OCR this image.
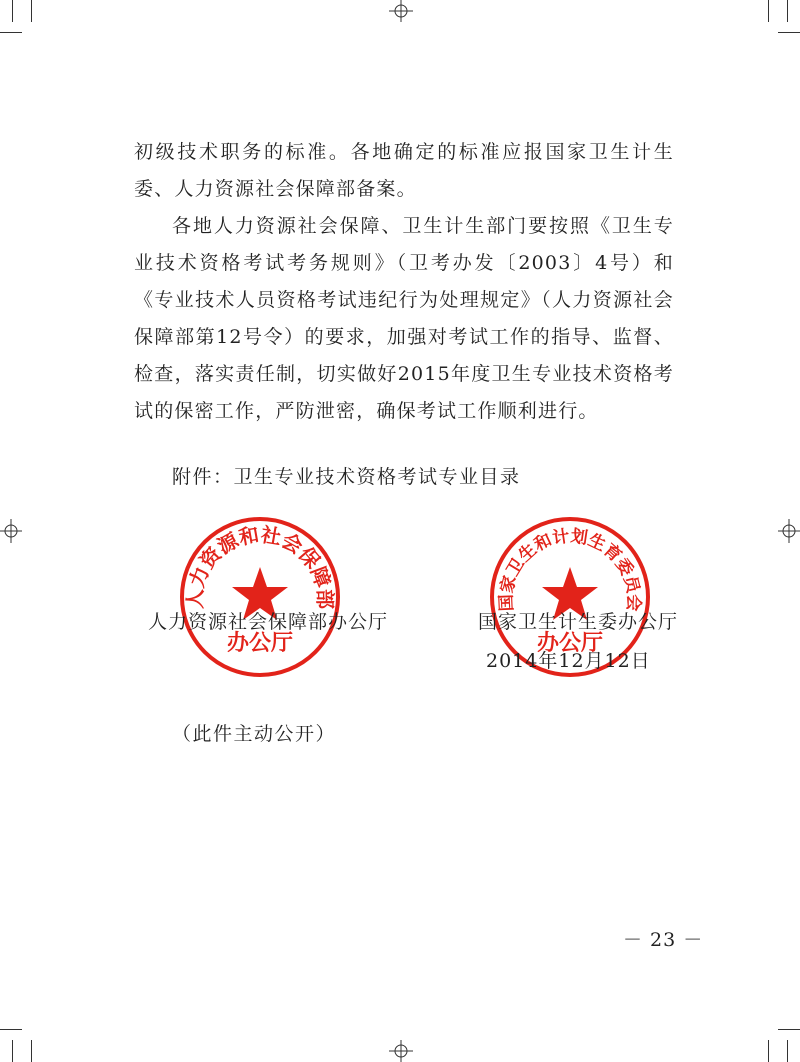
初级技术职务的标准。各地确定的标准应报国家卫生计生委、人力资源社会保障部备案。

各地人力资源社会保障、卫生计生部门要按照《卫生专业技术资格考试考务规则》（卫考办发〔2003〕4号）和《专业技术人员资格考试违纪行为处理规定》（人力资源社会保障部第12号令）的要求，加强对考试工作的指导、监督、检查，落实责任制，切实做好2015年度卫生专业技术资格考试的保密工作，严防泄密，确保考试工作顺利进行。

附件：卫生专业技术资格考试专业目录
人力资源和社会保障部
办公厅
国家卫生和计划生育委员会
办公厅
人力资源社会保障部办公厅	国家卫生计生委办公厅
2014年12月12日
（此件主动公开）
－ 23 －
